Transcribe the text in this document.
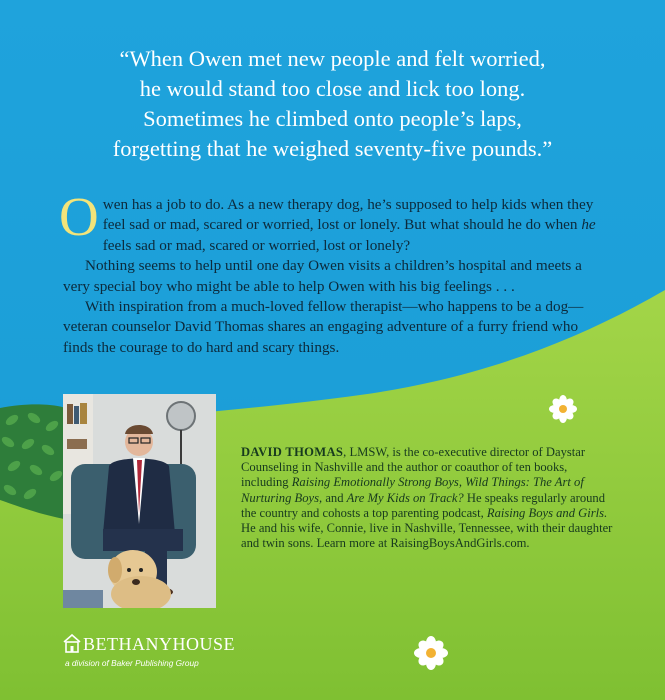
“When Owen met new people and felt worried,
he would stand too close and lick too long.
Sometimes he climbed onto people’s laps,
forgetting that he weighed seventy-five pounds.”

Owen has a job to do. As a new therapy dog, he’s supposed to help kids when they feel sad or mad, scared or worried, lost or lonely. But what should he do when he feels sad or mad, scared or worried, lost or lonely?

Nothing seems to help until one day Owen visits a children’s hospital and meets a very special boy who might be able to help Owen with his big feelings . . .

With inspiration from a much-loved fellow therapist—who happens to be a dog—veteran counselor David Thomas shares an engaging adventure of a furry friend who finds the courage to do hard and scary things.

DAVID THOMAS, LMSW, is the co-executive director of Daystar Counseling in Nashville and the author or coauthor of ten books, including Raising Emotionally Strong Boys, Wild Things: The Art of Nurturing Boys, and Are My Kids on Track? He speaks regularly around the country and cohosts a top parenting podcast, Raising Boys and Girls. He and his wife, Connie, live in Nashville, Tennessee, with their daughter and twin sons. Learn more at RaisingBoysAndGirls.com.

BETHANYHOUSE
a division of Baker Publishing Group
